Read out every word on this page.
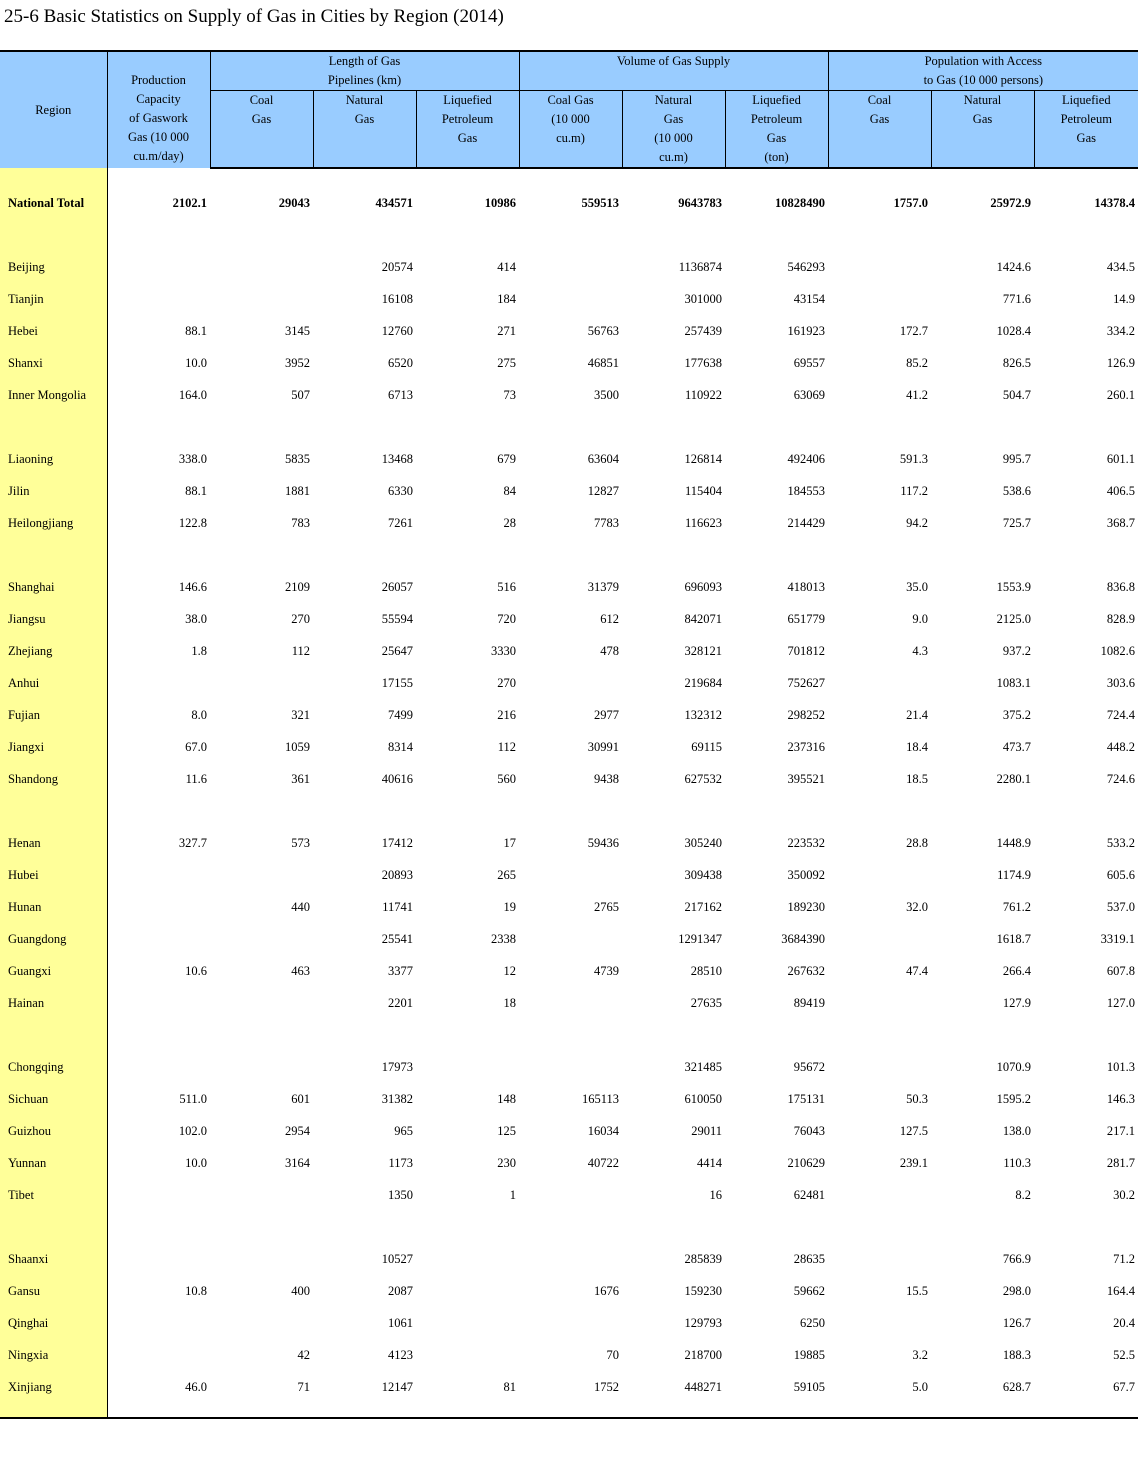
25-6 Basic Statistics on Supply of Gas in Cities by Region (2014)
Region	Production
Capacity
of Gaswork
Gas (10 000
cu.m/day)	Length of Gas
Pipelines (km)			Volume of Gas Supply			Population with Access
to Gas (10 000 persons)		
		Coal
Gas	Natural
Gas	Liquefied
Petroleum
Gas	Coal Gas
(10 000
cu.m)	Natural
Gas
(10 000
cu.m)	Liquefied
Petroleum
Gas
(ton)	Coal
Gas	Natural
Gas	Liquefied
Petroleum
Gas

National Total	2102.1	29043	434571	10986	559513	9643783	10828490	1757.0	25972.9	14378.4

Beijing			20574	414		1136874	546293		1424.6	434.5
Tianjin			16108	184		301000	43154		771.6	14.9
Hebei	88.1	3145	12760	271	56763	257439	161923	172.7	1028.4	334.2
Shanxi	10.0	3952	6520	275	46851	177638	69557	85.2	826.5	126.9
Inner Mongolia	164.0	507	6713	73	3500	110922	63069	41.2	504.7	260.1

Liaoning	338.0	5835	13468	679	63604	126814	492406	591.3	995.7	601.1
Jilin	88.1	1881	6330	84	12827	115404	184553	117.2	538.6	406.5
Heilongjiang	122.8	783	7261	28	7783	116623	214429	94.2	725.7	368.7

Shanghai	146.6	2109	26057	516	31379	696093	418013	35.0	1553.9	836.8
Jiangsu	38.0	270	55594	720	612	842071	651779	9.0	2125.0	828.9
Zhejiang	1.8	112	25647	3330	478	328121	701812	4.3	937.2	1082.6
Anhui			17155	270		219684	752627		1083.1	303.6
Fujian	8.0	321	7499	216	2977	132312	298252	21.4	375.2	724.4
Jiangxi	67.0	1059	8314	112	30991	69115	237316	18.4	473.7	448.2
Shandong	11.6	361	40616	560	9438	627532	395521	18.5	2280.1	724.6

Henan	327.7	573	17412	17	59436	305240	223532	28.8	1448.9	533.2
Hubei			20893	265		309438	350092		1174.9	605.6
Hunan		440	11741	19	2765	217162	189230	32.0	761.2	537.0
Guangdong			25541	2338		1291347	3684390		1618.7	3319.1
Guangxi	10.6	463	3377	12	4739	28510	267632	47.4	266.4	607.8
Hainan			2201	18		27635	89419		127.9	127.0

Chongqing			17973			321485	95672		1070.9	101.3
Sichuan	511.0	601	31382	148	165113	610050	175131	50.3	1595.2	146.3
Guizhou	102.0	2954	965	125	16034	29011	76043	127.5	138.0	217.1
Yunnan	10.0	3164	1173	230	40722	4414	210629	239.1	110.3	281.7
Tibet			1350	1		16	62481		8.2	30.2

Shaanxi			10527			285839	28635		766.9	71.2
Gansu	10.8	400	2087		1676	159230	59662	15.5	298.0	164.4
Qinghai			1061			129793	6250		126.7	20.4
Ningxia		42	4123		70	218700	19885	3.2	188.3	52.5
Xinjiang	46.0	71	12147	81	1752	448271	59105	5.0	628.7	67.7
